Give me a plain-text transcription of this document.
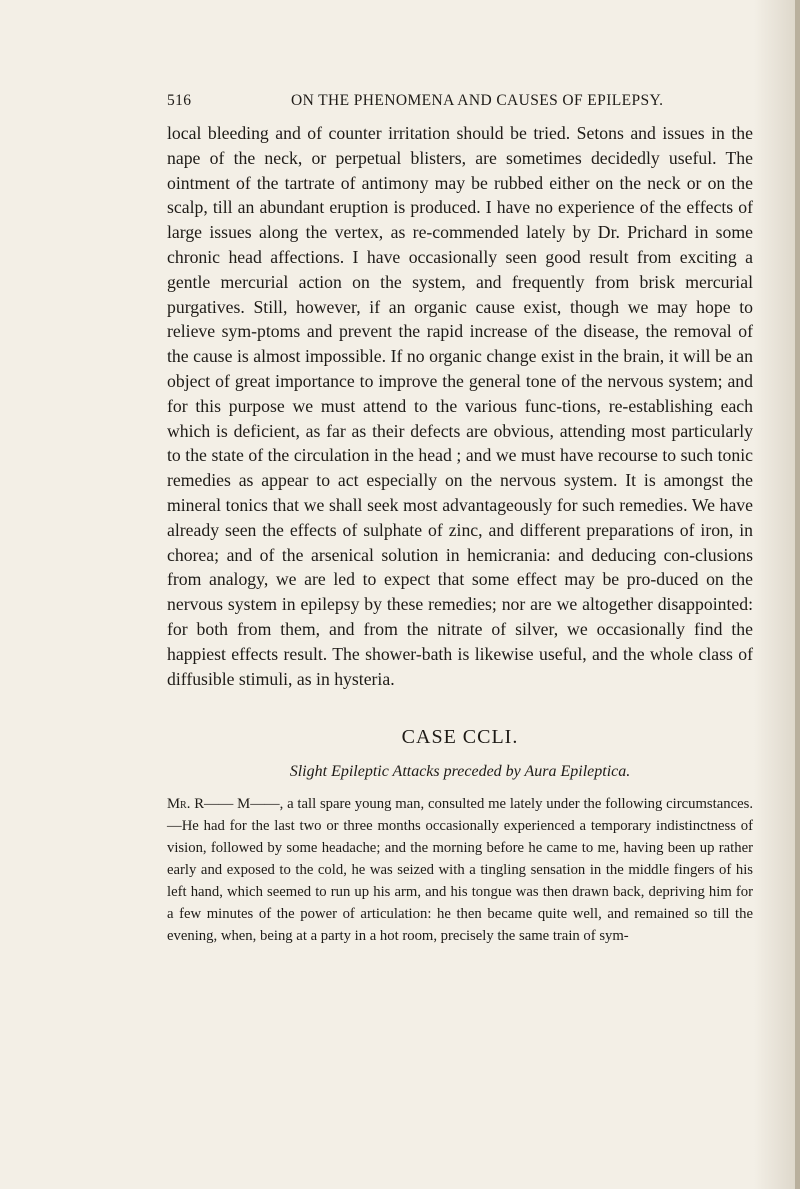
516	ON THE PHENOMENA AND CAUSES OF EPILEPSY.

local bleeding and of counter irritation should be tried. Setons and issues in the nape of the neck, or perpetual blisters, are sometimes decidedly useful. The ointment of the tartrate of antimony may be rubbed either on the neck or on the scalp, till an abundant eruption is produced. I have no experience of the effects of large issues along the vertex, as re-commended lately by Dr. Prichard in some chronic head affections. I have occasionally seen good result from exciting a gentle mercurial action on the system, and frequently from brisk mercurial purgatives. Still, however, if an organic cause exist, though we may hope to relieve sym-ptoms and prevent the rapid increase of the disease, the removal of the cause is almost impossible. If no organic change exist in the brain, it will be an object of great importance to improve the general tone of the nervous system; and for this purpose we must attend to the various func-tions, re-establishing each which is deficient, as far as their defects are obvious, attending most particularly to the state of the circulation in the head ; and we must have recourse to such tonic remedies as appear to act especially on the nervous system. It is amongst the mineral tonics that we shall seek most advantageously for such remedies. We have already seen the effects of sulphate of zinc, and different preparations of iron, in chorea; and of the arsenical solution in hemicrania: and deducing con-clusions from analogy, we are led to expect that some effect may be pro-duced on the nervous system in epilepsy by these remedies; nor are we altogether disappointed: for both from them, and from the nitrate of silver, we occasionally find the happiest effects result. The shower-bath is likewise useful, and the whole class of diffusible stimuli, as in hysteria.

CASE CCLI.
Slight Epileptic Attacks preceded by Aura Epileptica.

Mr. R—— M——, a tall spare young man, consulted me lately under the following circumstances.—He had for the last two or three months occasionally experienced a temporary indistinctness of vision, followed by some headache; and the morning before he came to me, having been up rather early and exposed to the cold, he was seized with a tingling sensation in the middle fingers of his left hand, which seemed to run up his arm, and his tongue was then drawn back, depriving him for a few minutes of the power of articulation: he then became quite well, and remained so till the evening, when, being at a party in a hot room, precisely the same train of sym-
